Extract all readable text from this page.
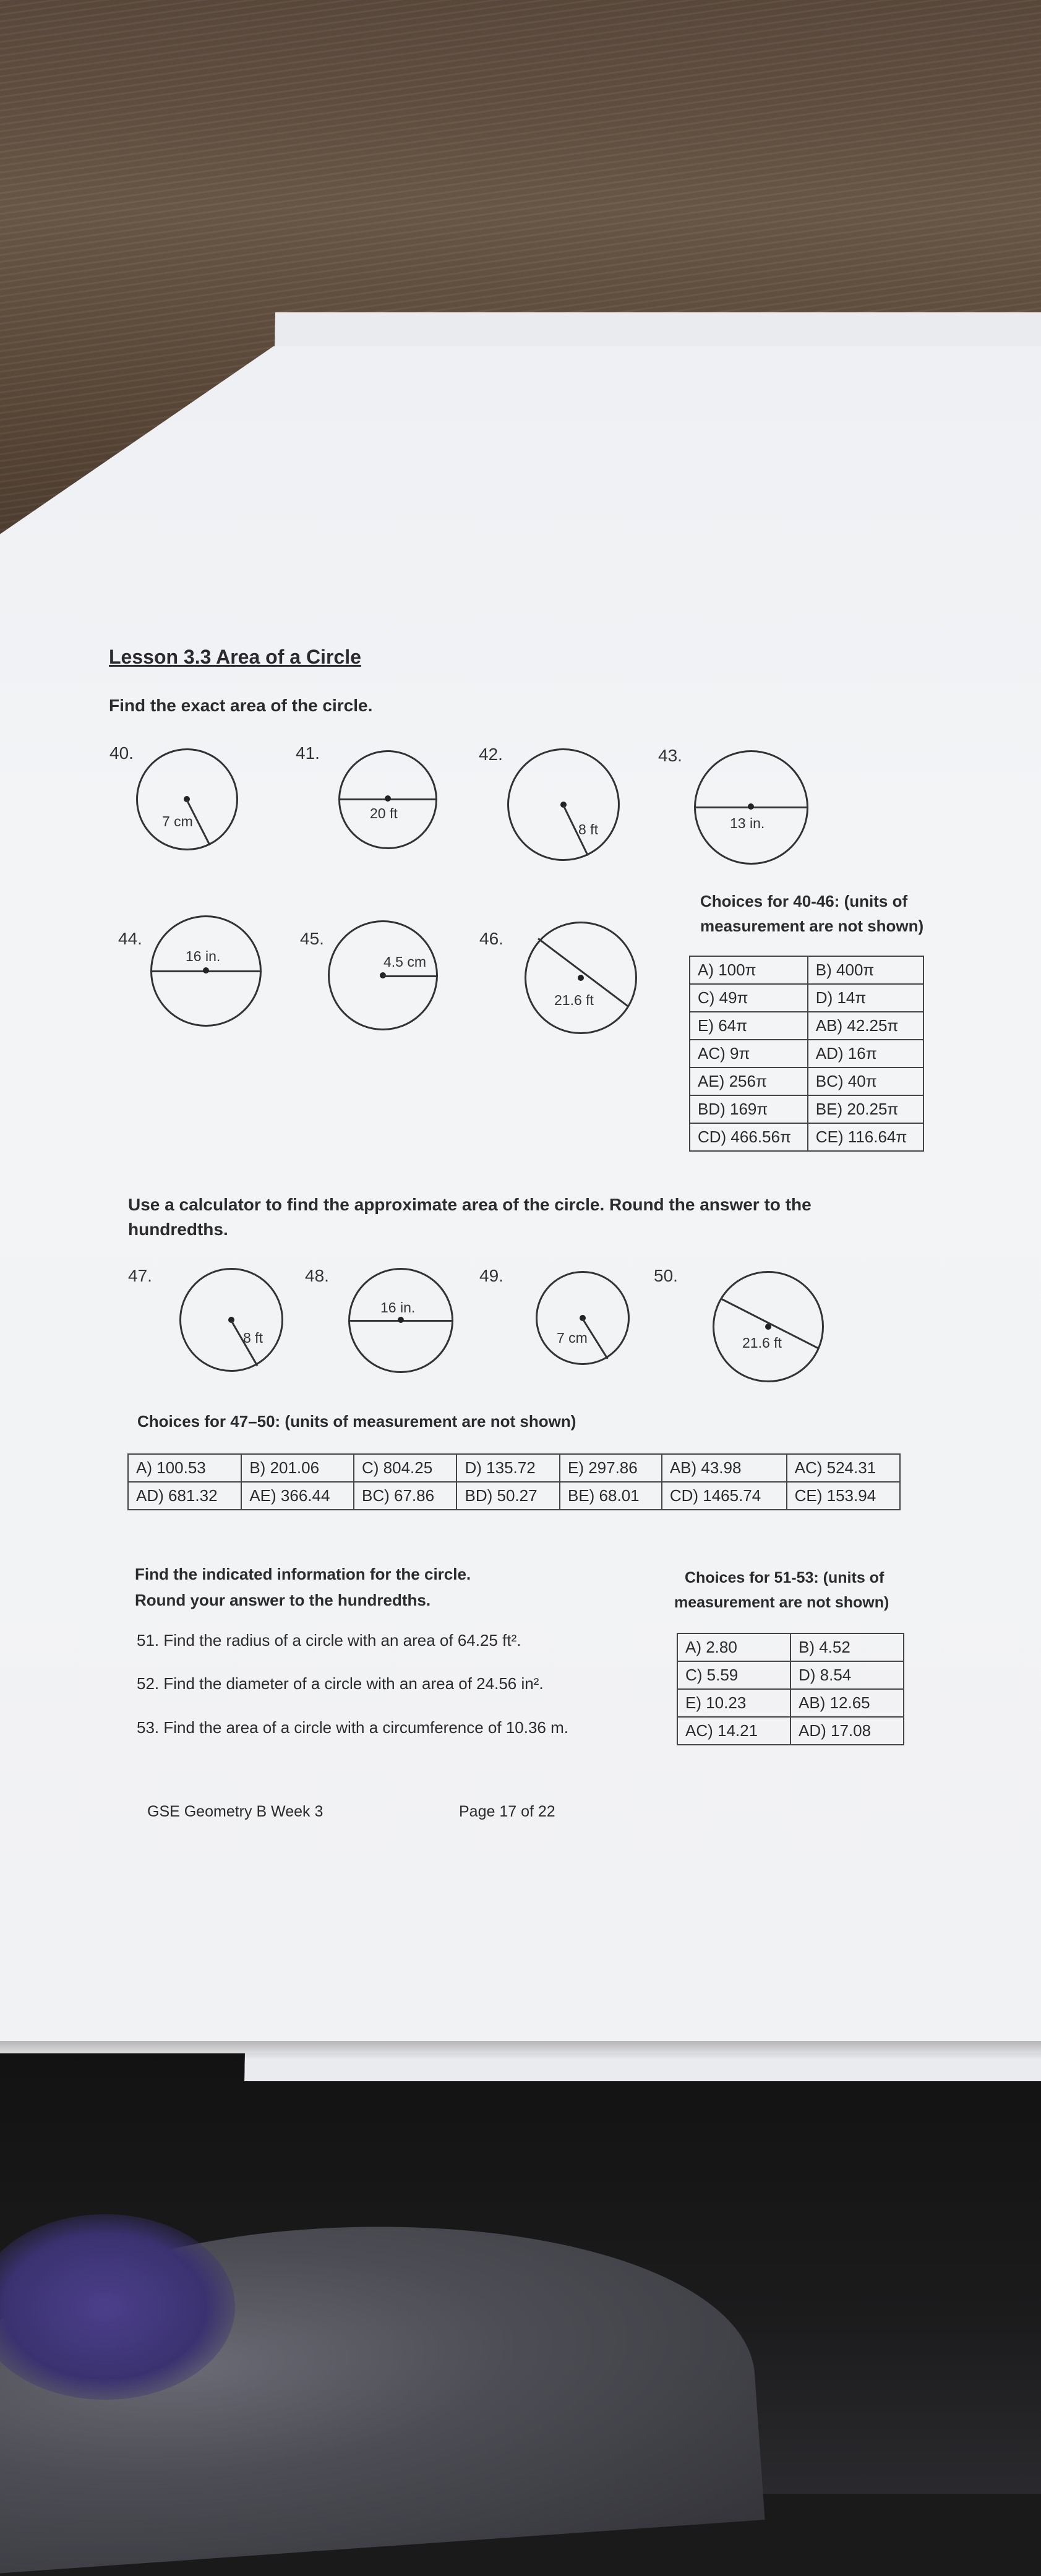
Lesson 3.3 Area of a Circle
Find the exact area of the circle.
40.
7 cm
41.
20 ft
42.
8 ft
43.
13 in.
Choices for 40-46: (units of
measurement are not shown)
A) 100π	B) 400π
C) 49π	D) 14π
E) 64π	AB) 42.25π
AC) 9π	AD) 16π
AE) 256π	BC) 40π
BD) 169π	BE) 20.25π
CD) 466.56π	CE) 116.64π
44.
16 in.
45.
4.5 cm
46.
21.6 ft
Use a calculator to find the approximate area of the circle. Round the answer to the
hundredths.
47.
8 ft
48.
16 in.
49.
7 cm
50.
21.6 ft
Choices for 47–50: (units of measurement are not shown)
A) 100.53	B) 201.06	C) 804.25	D) 135.72	E) 297.86	AB) 43.98	AC) 524.31
AD) 681.32	AE) 366.44	BC) 67.86	BD) 50.27	BE) 68.01	CD) 1465.74	CE) 153.94
Find the indicated information for the circle.
Round your answer to the hundredths.
51. Find the radius of a circle with an area of 64.25 ft².
52. Find the diameter of a circle with an area of 24.56 in².
53. Find the area of a circle with a circumference of 10.36 m.
Choices for 51-53: (units of
measurement are not shown)
A) 2.80	B) 4.52
C) 5.59	D) 8.54
E) 10.23	AB) 12.65
AC) 14.21	AD) 17.08
GSE Geometry B Week 3	Page 17 of 22
